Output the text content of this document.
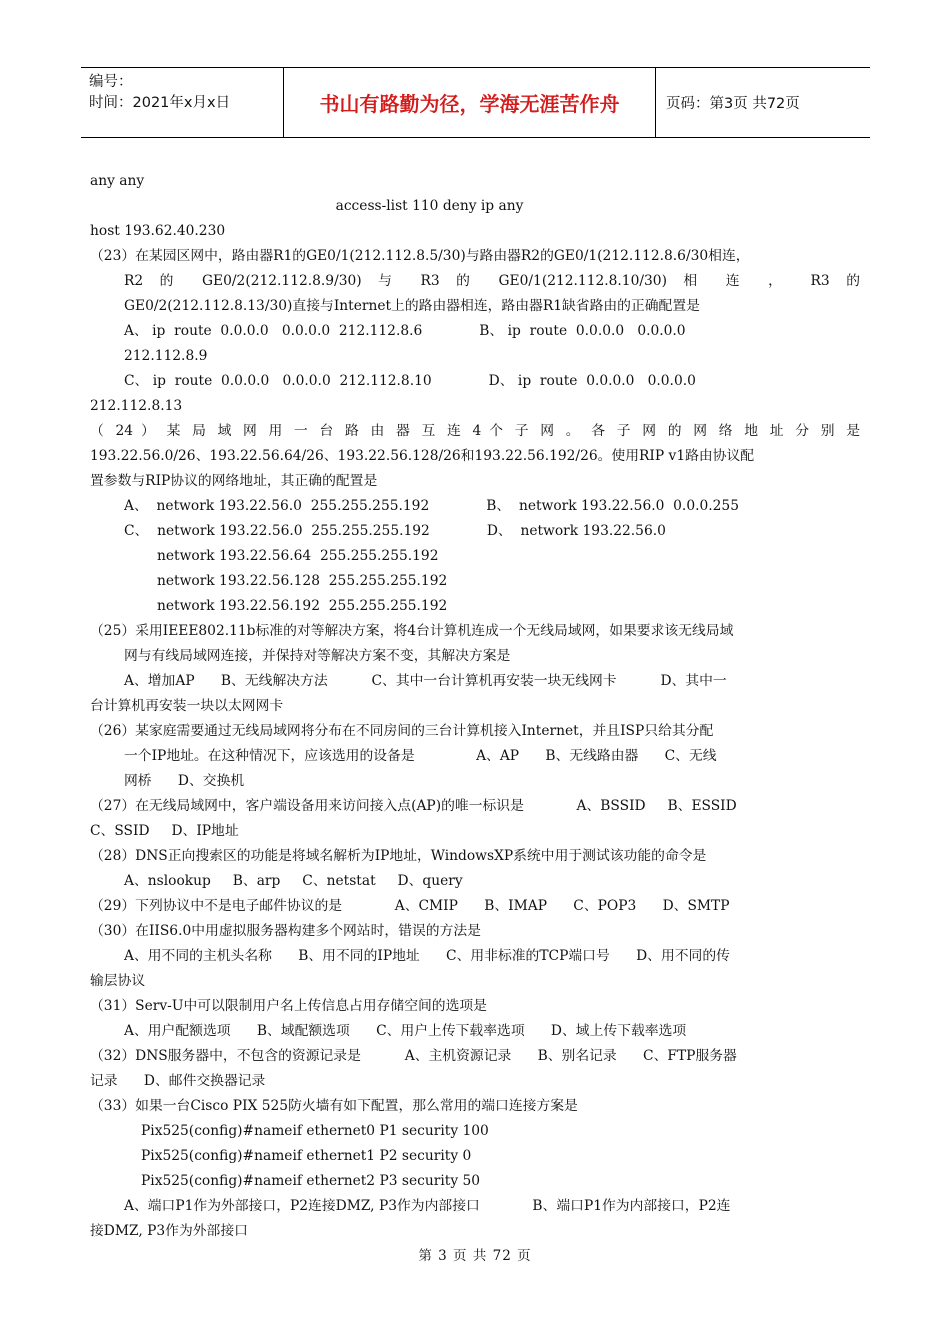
编号：
时间：2021年x月x日	书山有路勤为径，学海无涯苦作舟	页码：第3页 共72页
any any
access-list 110 deny ip any
host 193.62.40.230
（23）在某园区网中，路由器R1的GE0/1(212.112.8.5/30)与路由器R2的GE0/1(212.112.8.6/30相连，
R2 的 GE0/2(212.112.8.9/30) 与 R3 的 GE0/1(212.112.8.10/30) 相 连 ， R3 的
GE0/2(212.112.8.13/30)直接与Internet上的路由器相连，路由器R1缺省路由的正确配置是
A、 ip  route  0.0.0.0   0.0.0.0  212.112.8.6             B、 ip  route  0.0.0.0   0.0.0.0
212.112.8.9
C、 ip  route  0.0.0.0   0.0.0.0  212.112.8.10             D、 ip  route  0.0.0.0   0.0.0.0
212.112.8.13
（ 24 ） 某 局 域 网 用 一 台 路 由 器 互 连 4 个 子 网 。 各 子 网 的 网 络 地 址 分 别 是
193.22.56.0/26、193.22.56.64/26、193.22.56.128/26和193.22.56.192/26。使用RIP v1路由协议配
置参数与RIP协议的网络地址，其正确的配置是
A、  network 193.22.56.0  255.255.255.192             B、  network 193.22.56.0  0.0.0.255
C、  network 193.22.56.0  255.255.255.192             D、  network 193.22.56.0
network 193.22.56.64  255.255.255.192
network 193.22.56.128  255.255.255.192
network 193.22.56.192  255.255.255.192
（25）采用IEEE802.11b标准的对等解决方案，将4台计算机连成一个无线局域网，如果要求该无线局域
网与有线局域网连接，并保持对等解决方案不变，其解决方案是
A、增加AP      B、无线解决方法          C、其中一台计算机再安装一块无线网卡          D、其中一
台计算机再安装一块以太网网卡
（26）某家庭需要通过无线局域网将分布在不同房间的三台计算机接入Internet，并且ISP只给其分配
一个IP地址。在这种情况下，应该选用的设备是              A、AP      B、无线路由器      C、无线
网桥      D、交换机
（27）在无线局域网中，客户端设备用来访问接入点(AP)的唯一标识是            A、BSSID     B、ESSID
C、SSID     D、IP地址
（28）DNS正向搜索区的功能是将域名解析为IP地址，WindowsXP系统中用于测试该功能的命令是
A、nslookup     B、arp     C、netstat     D、query
（29）下列协议中不是电子邮件协议的是            A、CMIP      B、IMAP      C、POP3      D、SMTP
（30）在IIS6.0中用虚拟服务器构建多个网站时，错误的方法是
A、用不同的主机头名称      B、用不同的IP地址      C、用非标准的TCP端口号      D、用不同的传
输层协议
（31）Serv-U中可以限制用户名上传信息占用存储空间的选项是
A、用户配额选项      B、域配额选项      C、用户上传下载率选项      D、域上传下载率选项
（32）DNS服务器中，不包含的资源记录是          A、主机资源记录      B、别名记录      C、FTP服务器
记录      D、邮件交换器记录
（33）如果一台Cisco PIX 525防火墙有如下配置，那么常用的端口连接方案是
Pix525(config)#nameif ethernet0 P1 security 100
Pix525(config)#nameif ethernet1 P2 security 0
Pix525(config)#nameif ethernet2 P3 security 50
A、端口P1作为外部接口，P2连接DMZ, P3作为内部接口            B、端口P1作为内部接口，P2连
接DMZ, P3作为外部接口
第 3 页 共 72 页
